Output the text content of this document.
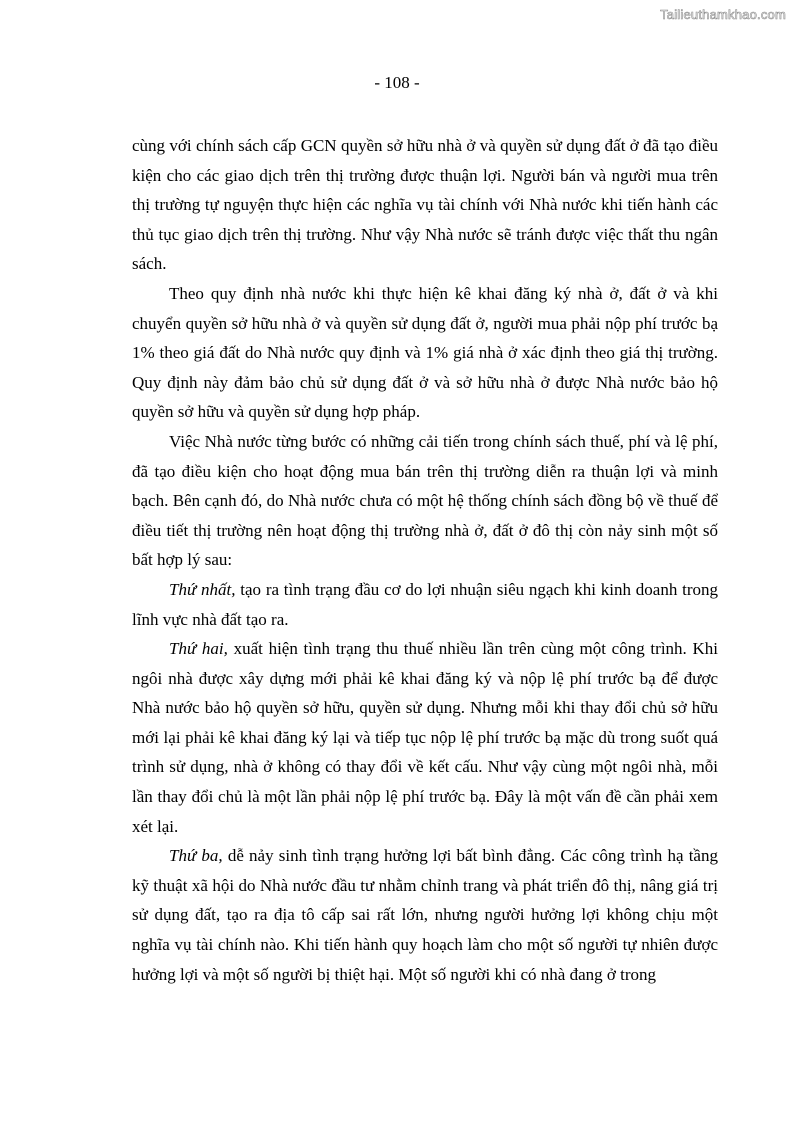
Tailieuthamkhao.com
- 108 -

cùng với chính sách cấp GCN quyền sở hữu nhà ở và quyền sử dụng đất ở đã tạo điều kiện cho các giao dịch trên thị trường được thuận lợi. Người bán và người mua trên thị trường tự nguyện thực hiện các nghĩa vụ tài chính với Nhà nước khi tiến hành các thủ tục giao dịch trên thị trường. Như vậy Nhà nước sẽ tránh được việc thất thu ngân sách.

Theo quy định nhà nước khi thực hiện kê khai đăng ký nhà ở, đất ở và khi chuyển quyền sở hữu nhà ở và quyền sử dụng đất ở, người mua phải nộp phí trước bạ 1% theo giá đất do Nhà nước quy định và 1% giá nhà ở xác định theo giá thị trường. Quy định này đảm bảo chủ sử dụng đất ở và sở hữu nhà ở được Nhà nước bảo hộ quyền sở hữu và quyền sử dụng hợp pháp.

Việc Nhà nước từng bước có những cải tiến trong chính sách thuế, phí và lệ phí, đã tạo điều kiện cho hoạt động mua bán trên thị trường diễn ra thuận lợi và minh bạch. Bên cạnh đó, do Nhà nước chưa có một hệ thống chính sách đồng bộ về thuế để điều tiết thị trường nên hoạt động thị trường nhà ở, đất ở đô thị còn nảy sinh một số bất hợp lý sau:

Thứ nhất, tạo ra tình trạng đầu cơ do lợi nhuận siêu ngạch khi kinh doanh trong lĩnh vực nhà đất tạo ra.

Thứ hai, xuất hiện tình trạng thu thuế nhiều lần trên cùng một công trình. Khi ngôi nhà được xây dựng mới phải kê khai đăng ký và nộp lệ phí trước bạ để được Nhà nước bảo hộ quyền sở hữu, quyền sử dụng. Nhưng mỗi khi thay đổi chủ sở hữu mới lại phải kê khai đăng ký lại và tiếp tục nộp lệ phí trước bạ mặc dù trong suốt quá trình sử dụng, nhà ở không có thay đổi về kết cấu. Như vậy cùng một ngôi nhà, mỗi lần thay đổi chủ là một lần phải nộp lệ phí trước bạ. Đây là một vấn đề cần phải xem xét lại.

Thứ ba, dễ nảy sinh tình trạng hưởng lợi bất bình đẳng. Các công trình hạ tầng kỹ thuật xã hội do Nhà nước đầu tư nhằm chỉnh trang và phát triển đô thị, nâng giá trị sử dụng đất, tạo ra địa tô cấp sai rất lớn, nhưng người hưởng lợi không chịu một nghĩa vụ tài chính nào. Khi tiến hành quy hoạch làm cho một số người tự nhiên được hưởng lợi và một số người bị thiệt hại. Một số người khi có nhà đang ở trong
